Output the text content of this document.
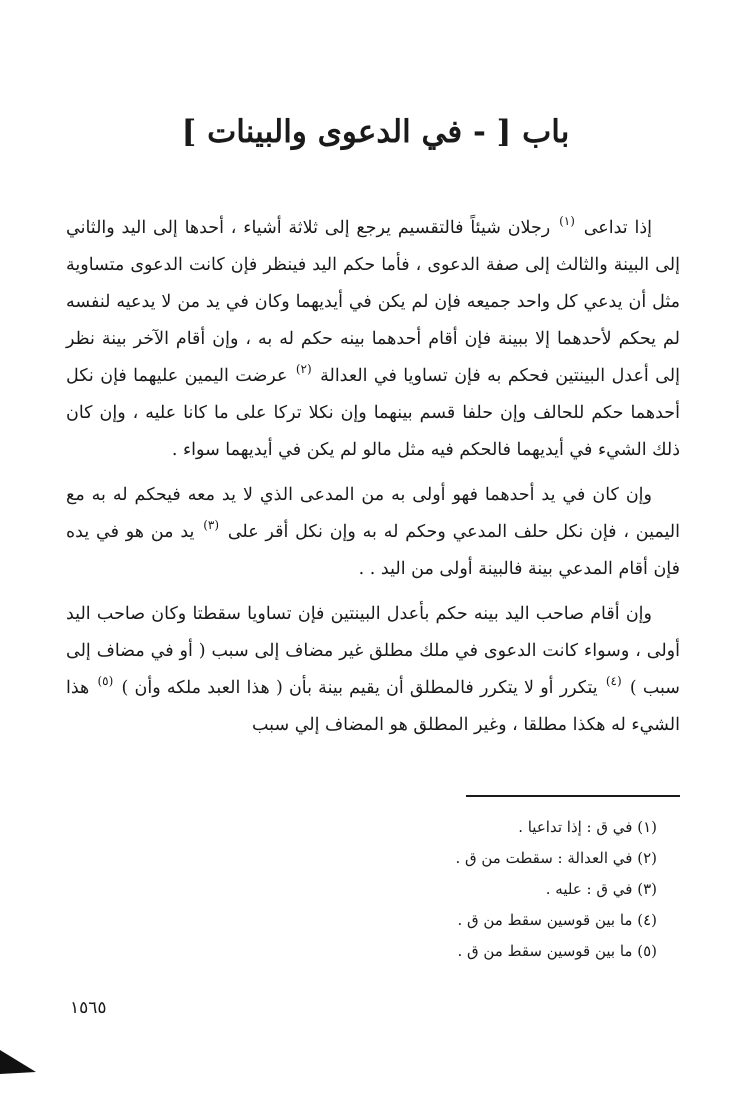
باب [ - في الدعوى والبينات ]

إذا تداعى $^{(١)}$ رجلان شيئاً فالتقسيم يرجع إلى ثلاثة أشياء ، أحدها إلى اليد والثاني إلى البينة والثالث إلى صفة الدعوى ، فأما حكم اليد فينظر فإن كانت الدعوى متساوية مثل أن يدعي كل واحد جميعه فإن لم يكن في أيديهما وكان في يد من لا يدعيه لنفسه لم يحكم لأحدهما إلا ببينة فإن أقام أحدهما بينه حكم له به ، وإن أقام الآخر بينة نظر إلى أعدل البينتين فحكم به فإن تساويا في العدالة $^{(٢)}$ عرضت اليمين عليهما فإن نكل أحدهما حكم للحالف وإن حلفا قسم بينهما وإن نكلا تركا على ما كانا عليه ، وإن كان ذلك الشيء في أيديهما فالحكم فيه مثل مالو لم يكن في أيديهما سواء .

وإن كان في يد أحدهما فهو أولى به من المدعى الذي لا يد معه فيحكم له به مع اليمين ، فإن نكل حلف المدعي وحكم له به وإن نكل أقر على $^{(٣)}$ يد من هو في يده فإن أقام المدعي بينة فالبينة أولى من اليد . .

وإن أقام صاحب اليد بينه حكم بأعدل البينتين فإن تساويا سقطتا وكان صاحب اليد أولى ، وسواء كانت الدعوى في ملك مطلق غير مضاف إلى سبب ( أو في مضاف إلى سبب ) $^{(٤)}$ يتكرر أو لا يتكرر فالمطلق أن يقيم بينة بأن ( هذا العبد ملكه وأن ) $^{(٥)}$ هذا الشيء له هكذا مطلقا ، وغير المطلق هو المضاف إلي سبب

(١) في ق : إذا تداعيا .
(٢) في العدالة : سقطت من ق .
(٣) في ق : عليه .
(٤) ما بين قوسين سقط من ق .
(٥) ما بين قوسين سقط من ق .
١٥٦٥
